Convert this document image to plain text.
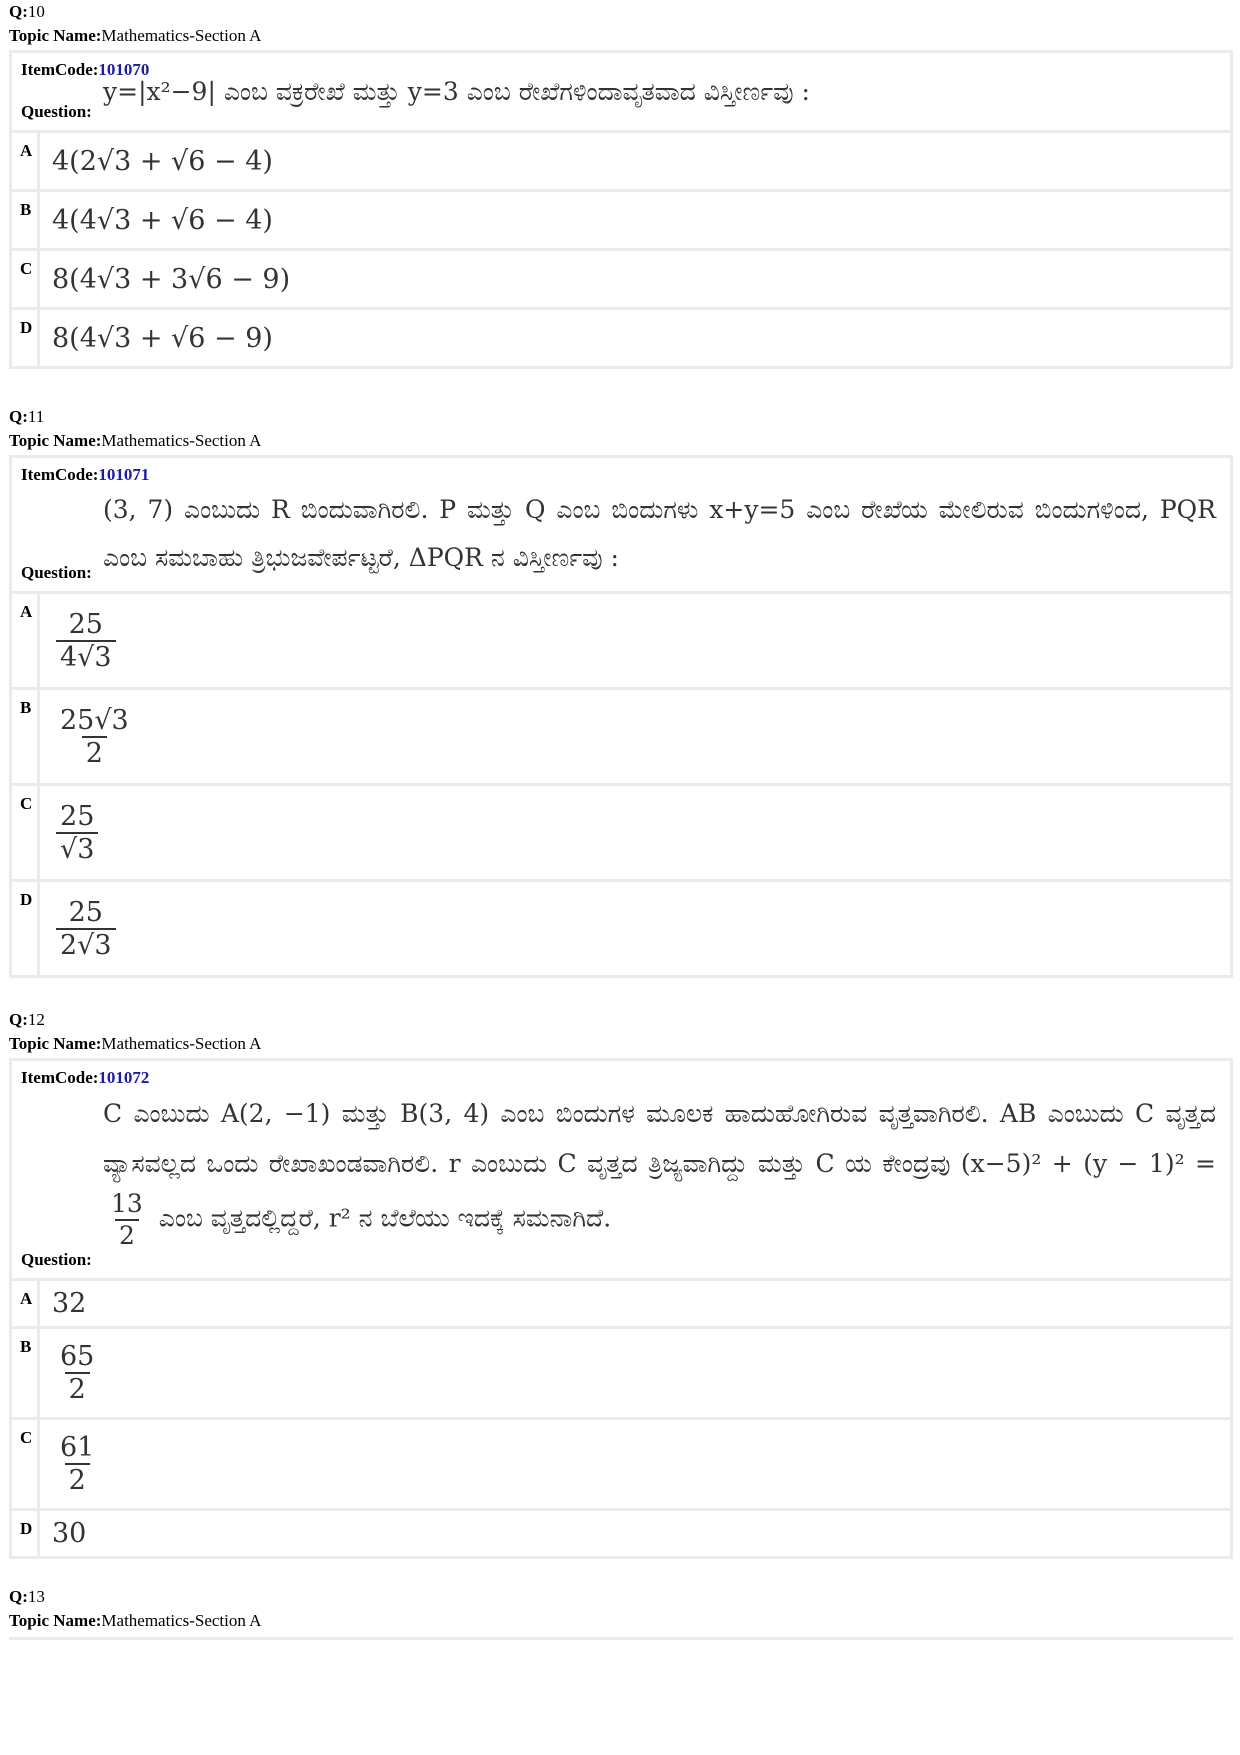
Q:10
Topic Name:Mathematics-Section A
ItemCode:101070
y=|x²−9| ಎಂಬ ವಕ್ರರೇಖೆ ಮತ್ತು y=3 ಎಂಬ ರೇಖೆಗಳಿಂದಾವೃತವಾದ ವಿಸ್ತೀರ್ಣವು :
Question:
A 4(2√3 + √6 − 4)
B 4(4√3 + √6 − 4)
C 8(4√3 + 3√6 − 9)
D 8(4√3 + √6 − 9)
Q:11
Topic Name:Mathematics-Section A
ItemCode:101071
(3, 7) ಎಂಬುದು R ಬಿಂದುವಾಗಿರಲಿ. P ಮತ್ತು Q ಎಂಬ ಬಿಂದುಗಳು x+y=5 ಎಂಬ ರೇಖೆಯ ಮೇಲಿರುವ ಬಿಂದುಗಳಿಂದ, PQR ಎಂಬ ಸಮಬಾಹು ತ್ರಿಭುಜವೇರ್ಪಟ್ಟರೆ, ΔPQR ನ ವಿಸ್ತೀರ್ಣವು :
Question:
A $\frac{25}{4√3}$
B $\frac{25√3}{2}$
C $\frac{25}{√3}$
D $\frac{25}{2√3}$
Q:12
Topic Name:Mathematics-Section A
ItemCode:101072
C ಎಂಬುದು A(2, −1) ಮತ್ತು B(3, 4) ಎಂಬ ಬಿಂದುಗಳ ಮೂಲಕ ಹಾದುಹೋಗಿರುವ ವೃತ್ತವಾಗಿರಲಿ. AB ಎಂಬುದು C ವೃತ್ತದ ವ್ಯಾಸವಲ್ಲದ ಒಂದು ರೇಖಾಖಂಡವಾಗಿರಲಿ. r ಎಂಬುದು C ವೃತ್ತದ ತ್ರಿಜ್ಯವಾಗಿದ್ದು ಮತ್ತು C ಯ ಕೇಂದ್ರವು (x−5)² + (y − 1)² =
$\frac{13}{2}$ ಎಂಬ ವೃತ್ತದಲ್ಲಿದ್ದರೆ, r² ನ ಬೆಲೆಯು ಇದಕ್ಕೆ ಸಮನಾಗಿದೆ.
Question:
A 32
B $\frac{65}{2}$
C $\frac{61}{2}$
D 30
Q:13
Topic Name:Mathematics-Section A
